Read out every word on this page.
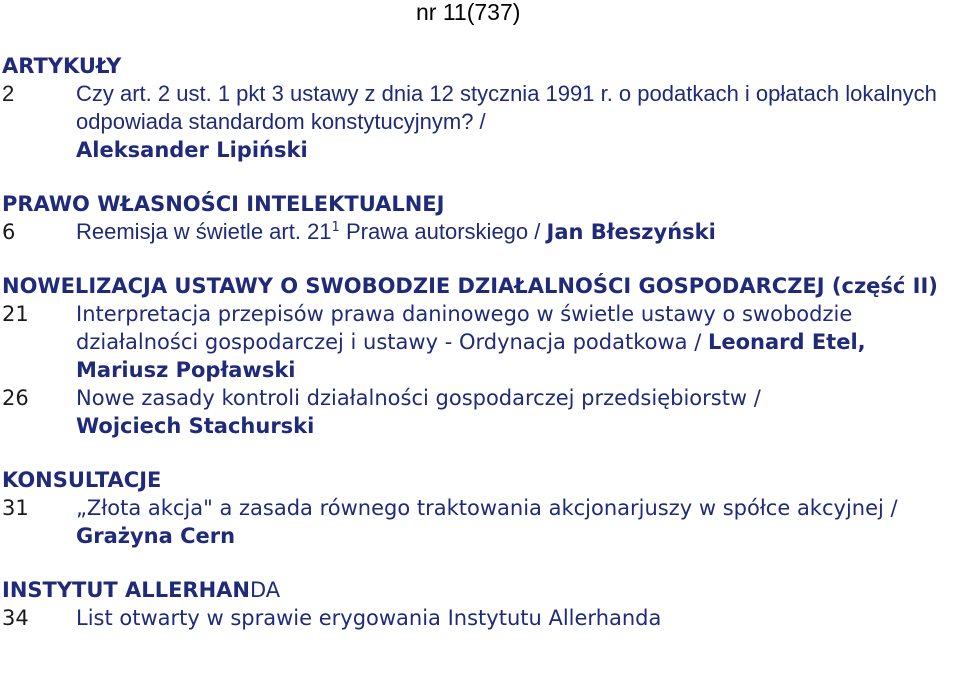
nr 11(737)
ARTYKUŁY
2	Czy art. 2 ust. 1 pkt 3 ustawy z dnia 12 stycznia 1991 r. o podatkach i opłatach lokalnych odpowiada standardom konstytucyjnym? /
Aleksander Lipiński
PRAWO WŁASNOŚCI INTELEKTUALNEJ
6	Reemisja w świetle art. $21^1$ Prawa autorskiego / Jan Błeszyński
NOWELIZACJA USTAWY O SWOBODZIE DZIAŁALNOŚCI GOSPODARCZEJ (część II)
21 Interpretacja przepisów prawa daninowego w świetle ustawy o swobodzie działalności gospodarczej i ustawy - Ordynacja podatkowa / Leonard Etel, Mariusz Popławski
26 Nowe zasady kontroli działalności gospodarczej przedsiębiorstw /
Wojciech Stachurski
KONSULTACJE
31 „Złota akcja" a zasada równego traktowania akcjonarjuszy w spółce akcyjnej / Grażyna Cern
INSTYTUT ALLERHANDA
34 List otwarty w sprawie erygowania Instytutu Allerhanda
